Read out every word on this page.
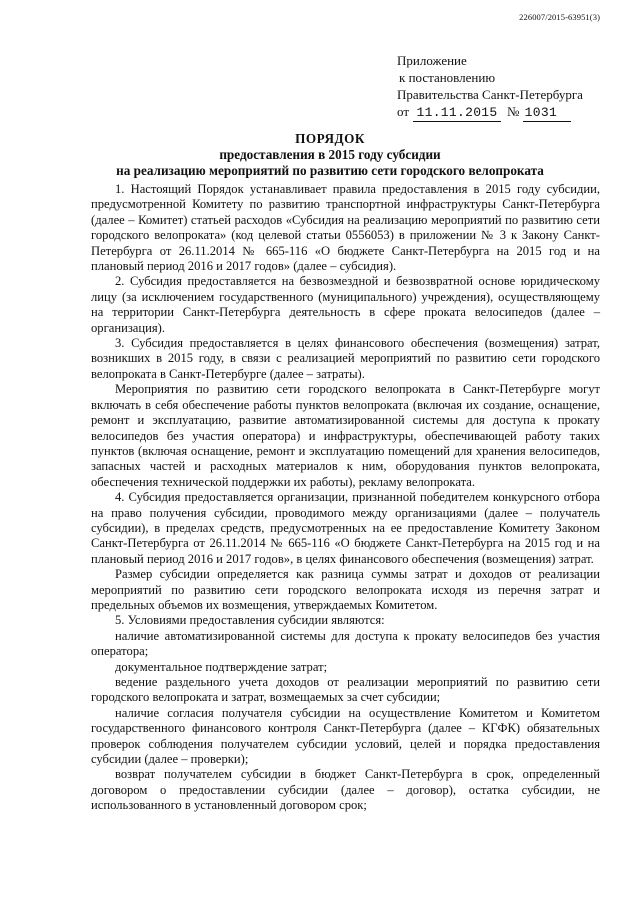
226007/2015-63951(3)
Приложение
к постановлению
Правительства Санкт-Петербурга
от 11.11.2015 № 1031
ПОРЯДОК
предоставления в 2015 году субсидии
на реализацию мероприятий по развитию сети городского велопроката

1. Настоящий Порядок устанавливает правила предоставления в 2015 году субсидии, предусмотренной Комитету по развитию транспортной инфраструктуры Санкт-Петербурга (далее – Комитет) статьей расходов «Субсидия на реализацию мероприятий по развитию сети городского велопроката» (код целевой статьи 0556053) в приложении № 3 к Закону Санкт-Петербурга от 26.11.2014 № 665-116 «О бюджете Санкт-Петербурга на 2015 год и на плановый период 2016 и 2017 годов» (далее – субсидия).

2. Субсидия предоставляется на безвозмездной и безвозвратной основе юридическому лицу (за исключением государственного (муниципального) учреждения), осуществляющему на территории Санкт-Петербурга деятельность в сфере проката велосипедов (далее – организация).

3. Субсидия предоставляется в целях финансового обеспечения (возмещения) затрат, возникших в 2015 году, в связи с реализацией мероприятий по развитию сети городского велопроката в Санкт-Петербурге (далее – затраты).

Мероприятия по развитию сети городского велопроката в Санкт-Петербурге могут включать в себя обеспечение работы пунктов велопроката (включая их создание, оснащение, ремонт и эксплуатацию, развитие автоматизированной системы для доступа к прокату велосипедов без участия оператора) и инфраструктуры, обеспечивающей работу таких пунктов (включая оснащение, ремонт и эксплуатацию помещений для хранения велосипедов, запасных частей и расходных материалов к ним, оборудования пунктов велопроката, обеспечения технической поддержки их работы), рекламу велопроката.

4. Субсидия предоставляется организации, признанной победителем конкурсного отбора на право получения субсидии, проводимого между организациями (далее – получатель субсидии), в пределах средств, предусмотренных на ее предоставление Комитету Законом Санкт-Петербурга от 26.11.2014 № 665-116 «О бюджете Санкт-Петербурга на 2015 год и на плановый период 2016 и 2017 годов», в целях финансового обеспечения (возмещения) затрат.

Размер субсидии определяется как разница суммы затрат и доходов от реализации мероприятий по развитию сети городского велопроката исходя из перечня затрат и предельных объемов их возмещения, утверждаемых Комитетом.

5. Условиями предоставления субсидии являются:

наличие автоматизированной системы для доступа к прокату велосипедов без участия оператора;

документальное подтверждение затрат;

ведение раздельного учета доходов от реализации мероприятий по развитию сети городского велопроката и затрат, возмещаемых за счет субсидии;

наличие согласия получателя субсидии на осуществление Комитетом и Комитетом государственного финансового контроля Санкт-Петербурга (далее – КГФК) обязательных проверок соблюдения получателем субсидии условий, целей и порядка предоставления субсидии (далее – проверки);

возврат получателем субсидии в бюджет Санкт-Петербурга в срок, определенный договором о предоставлении субсидии (далее – договор), остатка субсидии, не использованного в установленный договором срок;
